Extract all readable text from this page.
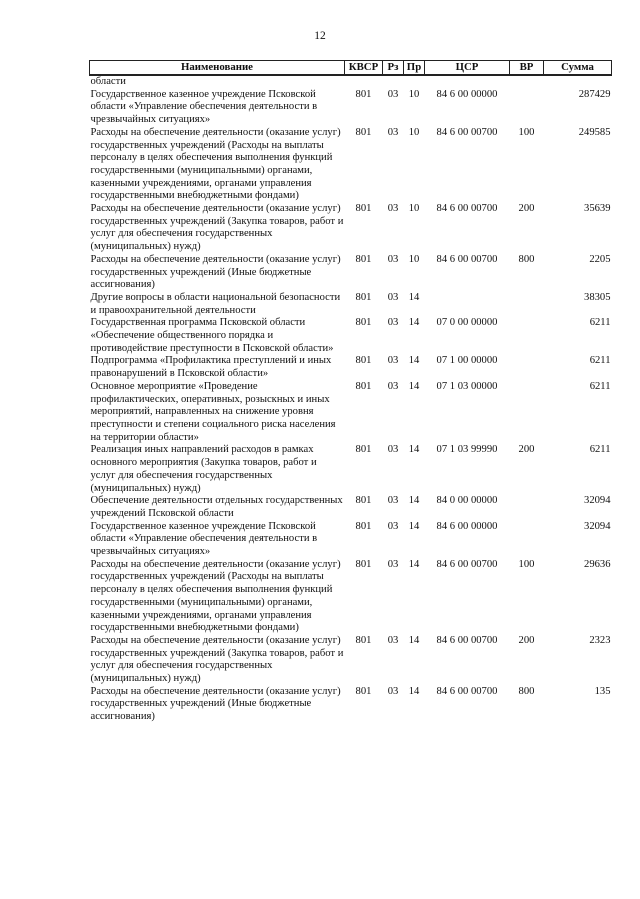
12
Наименование	КВСР	Рз	Пр	ЦСР	ВР	Сумма
области						
Государственное казенное учреждение Псковской области «Управление обеспечения деятельности в чрезвычайных ситуациях»	801	03	10	84 6 00 00000		287429
Расходы на обеспечение деятельности (оказание услуг) государственных учреждений (Расходы на выплаты персоналу в целях обеспечения выполнения функций государственными (муниципальными) органами, казенными учреждениями, органами управления государственными внебюджетными фондами)	801	03	10	84 6 00 00700	100	249585
Расходы на обеспечение деятельности (оказание услуг) государственных учреждений (Закупка товаров, работ и услуг для обеспечения государственных (муниципальных) нужд)	801	03	10	84 6 00 00700	200	35639
Расходы на обеспечение деятельности (оказание услуг) государственных учреждений (Иные бюджетные ассигнования)	801	03	10	84 6 00 00700	800	2205
Другие вопросы в области национальной безопасности и правоохранительной деятельности	801	03	14			38305
Государственная программа Псковской области «Обеспечение общественного порядка и противодействие преступности в Псковской области»	801	03	14	07 0 00 00000		6211
Подпрограмма «Профилактика преступлений и иных правонарушений в Псковской области»	801	03	14	07 1 00 00000		6211
Основное мероприятие «Проведение профилактических, оперативных, розыскных и иных мероприятий, направленных на снижение уровня преступности и степени социального риска населения на территории области»	801	03	14	07 1 03 00000		6211
Реализация иных направлений расходов в рамках основного мероприятия (Закупка товаров, работ и услуг для обеспечения государственных (муниципальных) нужд)	801	03	14	07 1 03 99990	200	6211
Обеспечение деятельности отдельных государственных учреждений Псковской области	801	03	14	84 0 00 00000		32094
Государственное казенное учреждение Псковской области «Управление обеспечения деятельности в чрезвычайных ситуациях»	801	03	14	84 6 00 00000		32094
Расходы на обеспечение деятельности (оказание услуг) государственных учреждений (Расходы на выплаты персоналу в целях обеспечения выполнения функций государственными (муниципальными) органами, казенными учреждениями, органами управления государственными внебюджетными фондами)	801	03	14	84 6 00 00700	100	29636
Расходы на обеспечение деятельности (оказание услуг) государственных учреждений (Закупка товаров, работ и услуг для обеспечения государственных (муниципальных) нужд)	801	03	14	84 6 00 00700	200	2323
Расходы на обеспечение деятельности (оказание услуг) государственных учреждений (Иные бюджетные ассигнования)	801	03	14	84 6 00 00700	800	135
